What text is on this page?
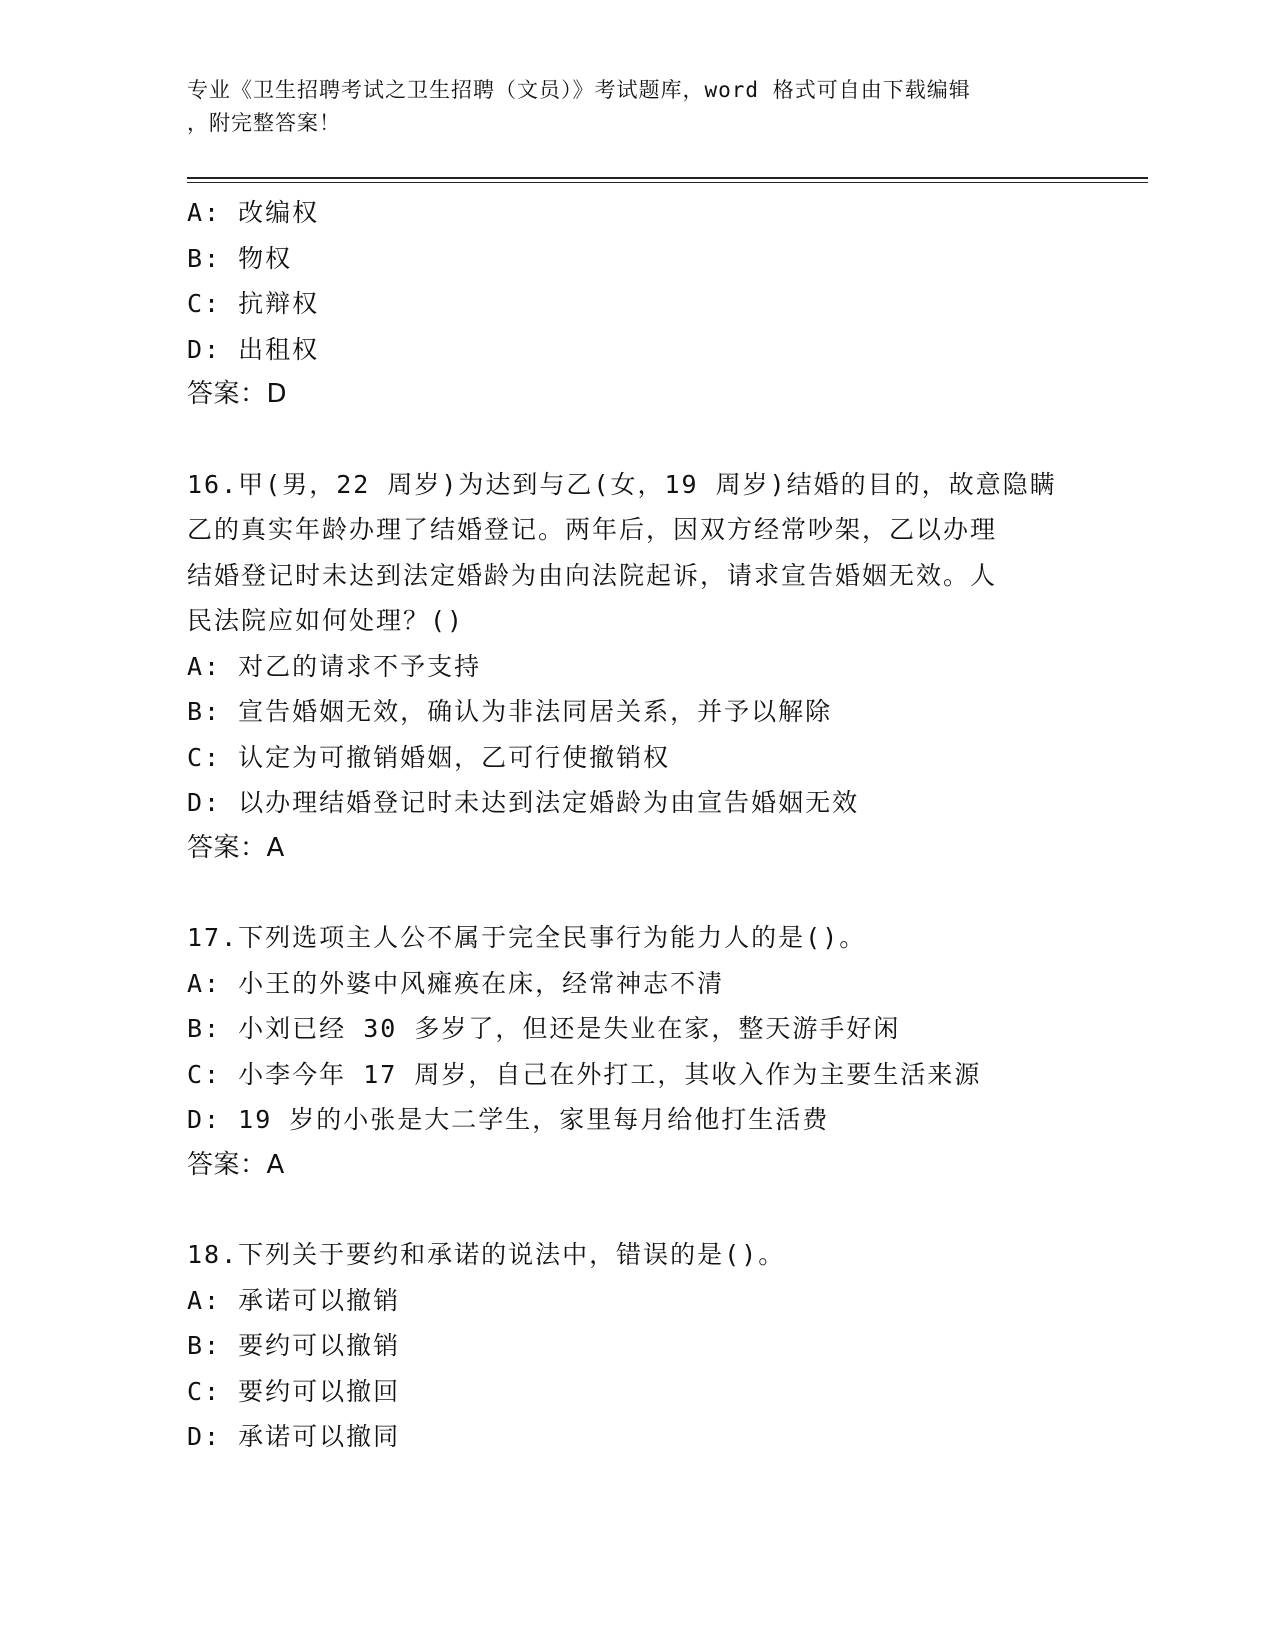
专业《卫生招聘考试之卫生招聘（文员）》考试题库，word 格式可自由下载编辑
，附完整答案！
A: 改编权
B: 物权
C: 抗辩权
D: 出租权
答案：D
16.甲(男，22 周岁)为达到与乙(女，19 周岁)结婚的目的，故意隐瞒
乙的真实年龄办理了结婚登记。两年后，因双方经常吵架，乙以办理
结婚登记时未达到法定婚龄为由向法院起诉，请求宣告婚姻无效。人
民法院应如何处理？()
A: 对乙的请求不予支持
B: 宣告婚姻无效，确认为非法同居关系，并予以解除
C: 认定为可撤销婚姻，乙可行使撤销权
D: 以办理结婚登记时未达到法定婚龄为由宣告婚姻无效
答案：A
17.下列选项主人公不属于完全民事行为能力人的是()。
A: 小王的外婆中风瘫痪在床，经常神志不清
B: 小刘已经 30 多岁了，但还是失业在家，整天游手好闲
C: 小李今年 17 周岁，自己在外打工，其收入作为主要生活来源
D: 19 岁的小张是大二学生，家里每月给他打生活费
答案：A
18.下列关于要约和承诺的说法中，错误的是()。
A: 承诺可以撤销
B: 要约可以撤销
C: 要约可以撤回
D: 承诺可以撤同
